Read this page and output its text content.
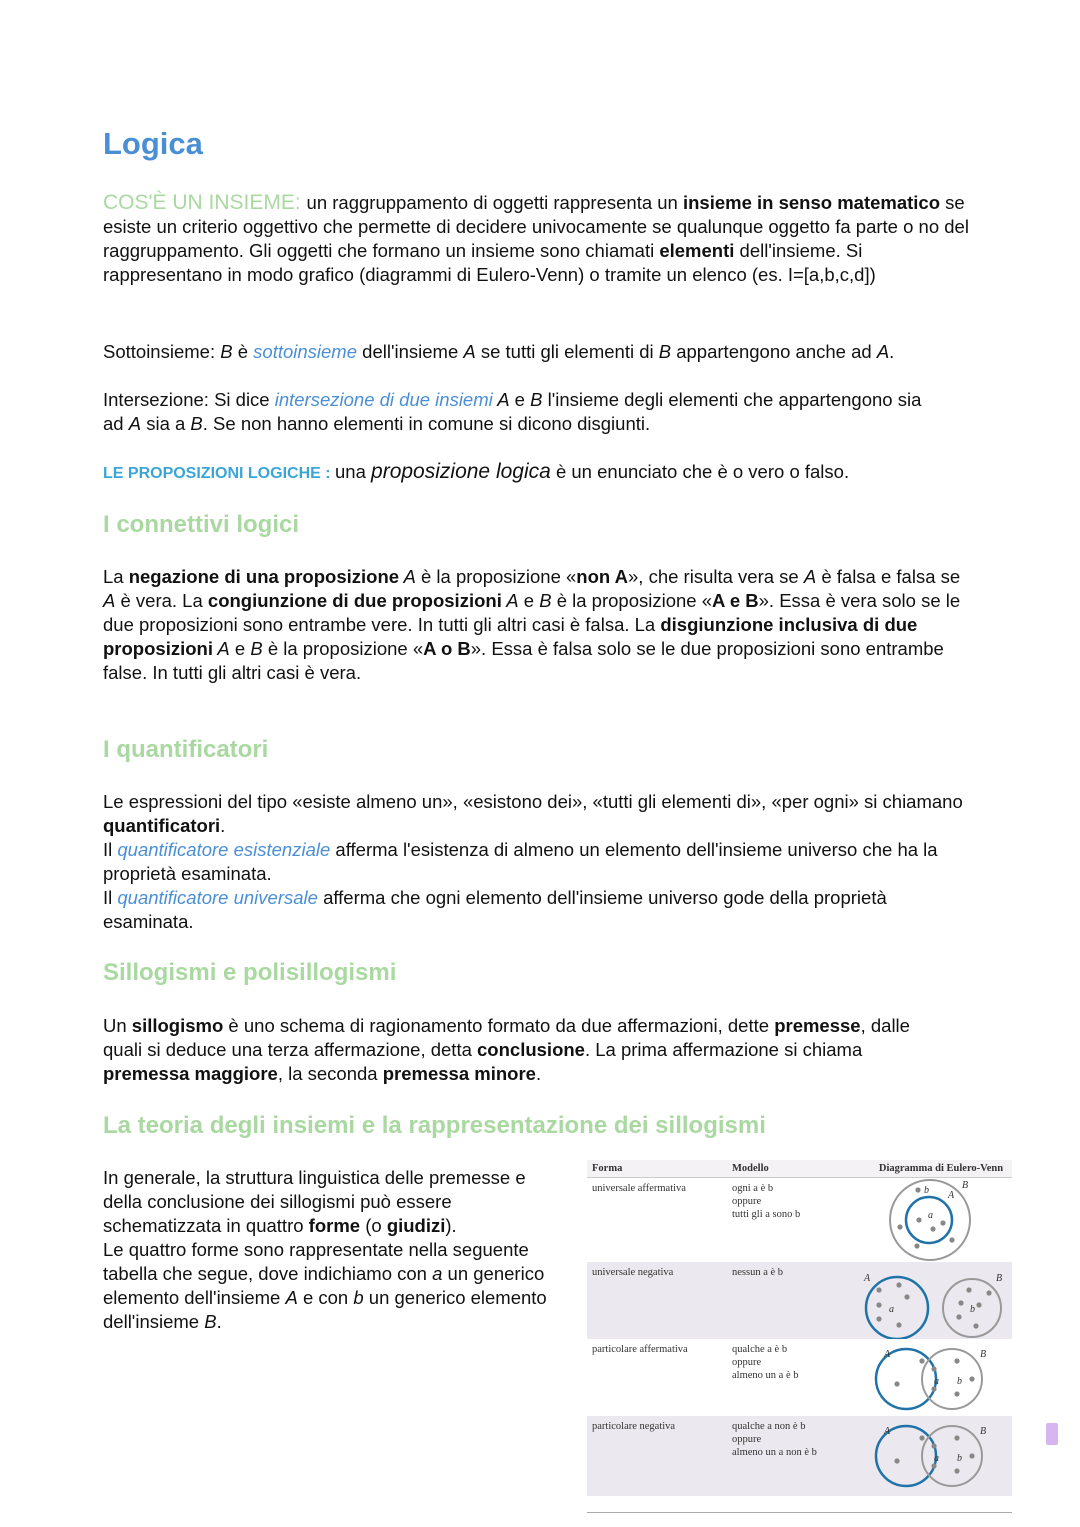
Logica
COS'È UN INSIEME: un raggruppamento di oggetti rappresenta un insieme in senso matematico se esiste un criterio oggettivo che permette di decidere univocamente se qualunque oggetto fa parte o no del raggruppamento. Gli oggetti che formano un insieme sono chiamati elementi dell'insieme. Si rappresentano in modo grafico (diagrammi di Eulero-Venn) o tramite un elenco (es. I=[a,b,c,d])
Sottoinsieme: B è sottoinsieme dell'insieme A se tutti gli elementi di B appartengono anche ad A.
Intersezione: Si dice intersezione di due insiemi A e B l'insieme degli elementi che appartengono sia ad A sia a B. Se non hanno elementi in comune si dicono disgiunti.
LE PROPOSIZIONI LOGICHE : una proposizione logica è un enunciato che è o vero o falso.
I connettivi logici
La negazione di una proposizione A è la proposizione «non A», che risulta vera se A è falsa e falsa se A è vera. La congiunzione di due proposizioni A e B è la proposizione «A e B». Essa è vera solo se le due proposizioni sono entrambe vere. In tutti gli altri casi è falsa. La disgiunzione inclusiva di due proposizioni A e B è la proposizione «A o B». Essa è falsa solo se le due proposizioni sono entrambe false. In tutti gli altri casi è vera.
I quantificatori
Le espressioni del tipo «esiste almeno un», «esistono dei», «tutti gli elementi di», «per ogni» si chiamano quantificatori.
Il quantificatore esistenziale afferma l'esistenza di almeno un elemento dell'insieme universo che ha la proprietà esaminata.
Il quantificatore universale afferma che ogni elemento dell'insieme universo gode della proprietà esaminata.
Sillogismi e polisillogismi
Un sillogismo è uno schema di ragionamento formato da due affermazioni, dette premesse, dalle quali si deduce una terza affermazione, detta conclusione. La prima affermazione si chiama premessa maggiore, la seconda premessa minore.
La teoria degli insiemi e la rappresentazione dei sillogismi
In generale, la struttura linguistica delle premesse e della conclusione dei sillogismi può essere schematizzata in quattro forme (o giudizi).
Le quattro forme sono rappresentate nella seguente tabella che segue, dove indichiamo con a un generico elemento dell'insieme A e con b un generico elemento dell'insieme B.
Forma	Modello	Diagramma di Eulero-Venn
universale affermativa	ogni a è b
oppure
tutti gli a sono b
B
A
b
a
universale negativa	nessun a è b
A	B
a	b
particolare affermativa	qualche a è b
oppure
almeno un a è b
A	B
a b
particolare negativa	qualche a non è b
oppure
almeno un a non è b
A	B
a b
